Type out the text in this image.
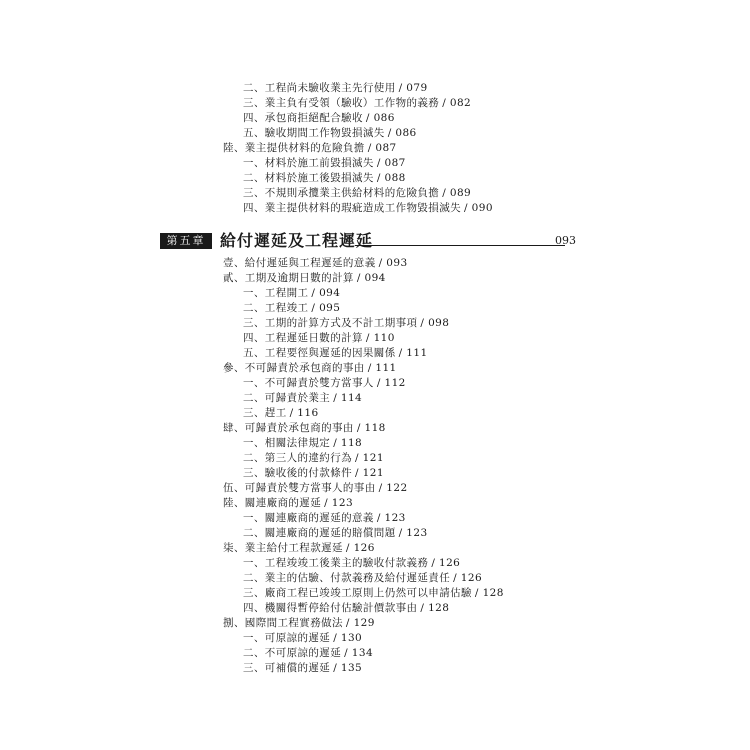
二、工程尚未驗收業主先行使用 / 079
三、業主負有受領（驗收）工作物的義務 / 082
四、承包商拒絕配合驗收 / 086
五、驗收期間工作物毀損滅失 / 086
陸、業主提供材料的危險負擔 / 087
一、材料於施工前毀損滅失 / 087
二、材料於施工後毀損滅失 / 088
三、不規則承攬業主供給材料的危險負擔 / 089
四、業主提供材料的瑕疵造成工作物毀損滅失 / 090
第五章 給付遲延及工程遲延	093
壹、給付遲延與工程遲延的意義 / 093
貳、工期及逾期日數的計算 / 094
一、工程開工 / 094
二、工程竣工 / 095
三、工期的計算方式及不計工期事項 / 098
四、工程遲延日數的計算 / 110
五、工程要徑與遲延的因果關係 / 111
參、不可歸責於承包商的事由 / 111
一、不可歸責於雙方當事人 / 112
二、可歸責於業主 / 114
三、趕工 / 116
肆、可歸責於承包商的事由 / 118
一、相關法律規定 / 118
二、第三人的違約行為 / 121
三、驗收後的付款條件 / 121
伍、可歸責於雙方當事人的事由 / 122
陸、關連廠商的遲延 / 123
一、關連廠商的遲延的意義 / 123
二、關連廠商的遲延的賠償問題 / 123
柒、業主給付工程款遲延 / 126
一、工程竣竣工後業主的驗收付款義務 / 126
二、業主的估驗、付款義務及給付遲延責任 / 126
三、廠商工程已竣竣工原則上仍然可以申請估驗 / 128
四、機關得暫停給付估驗計價款事由 / 128
捌、國際間工程實務做法 / 129
一、可原諒的遲延 / 130
二、不可原諒的遲延 / 134
三、可補償的遲延 / 135
